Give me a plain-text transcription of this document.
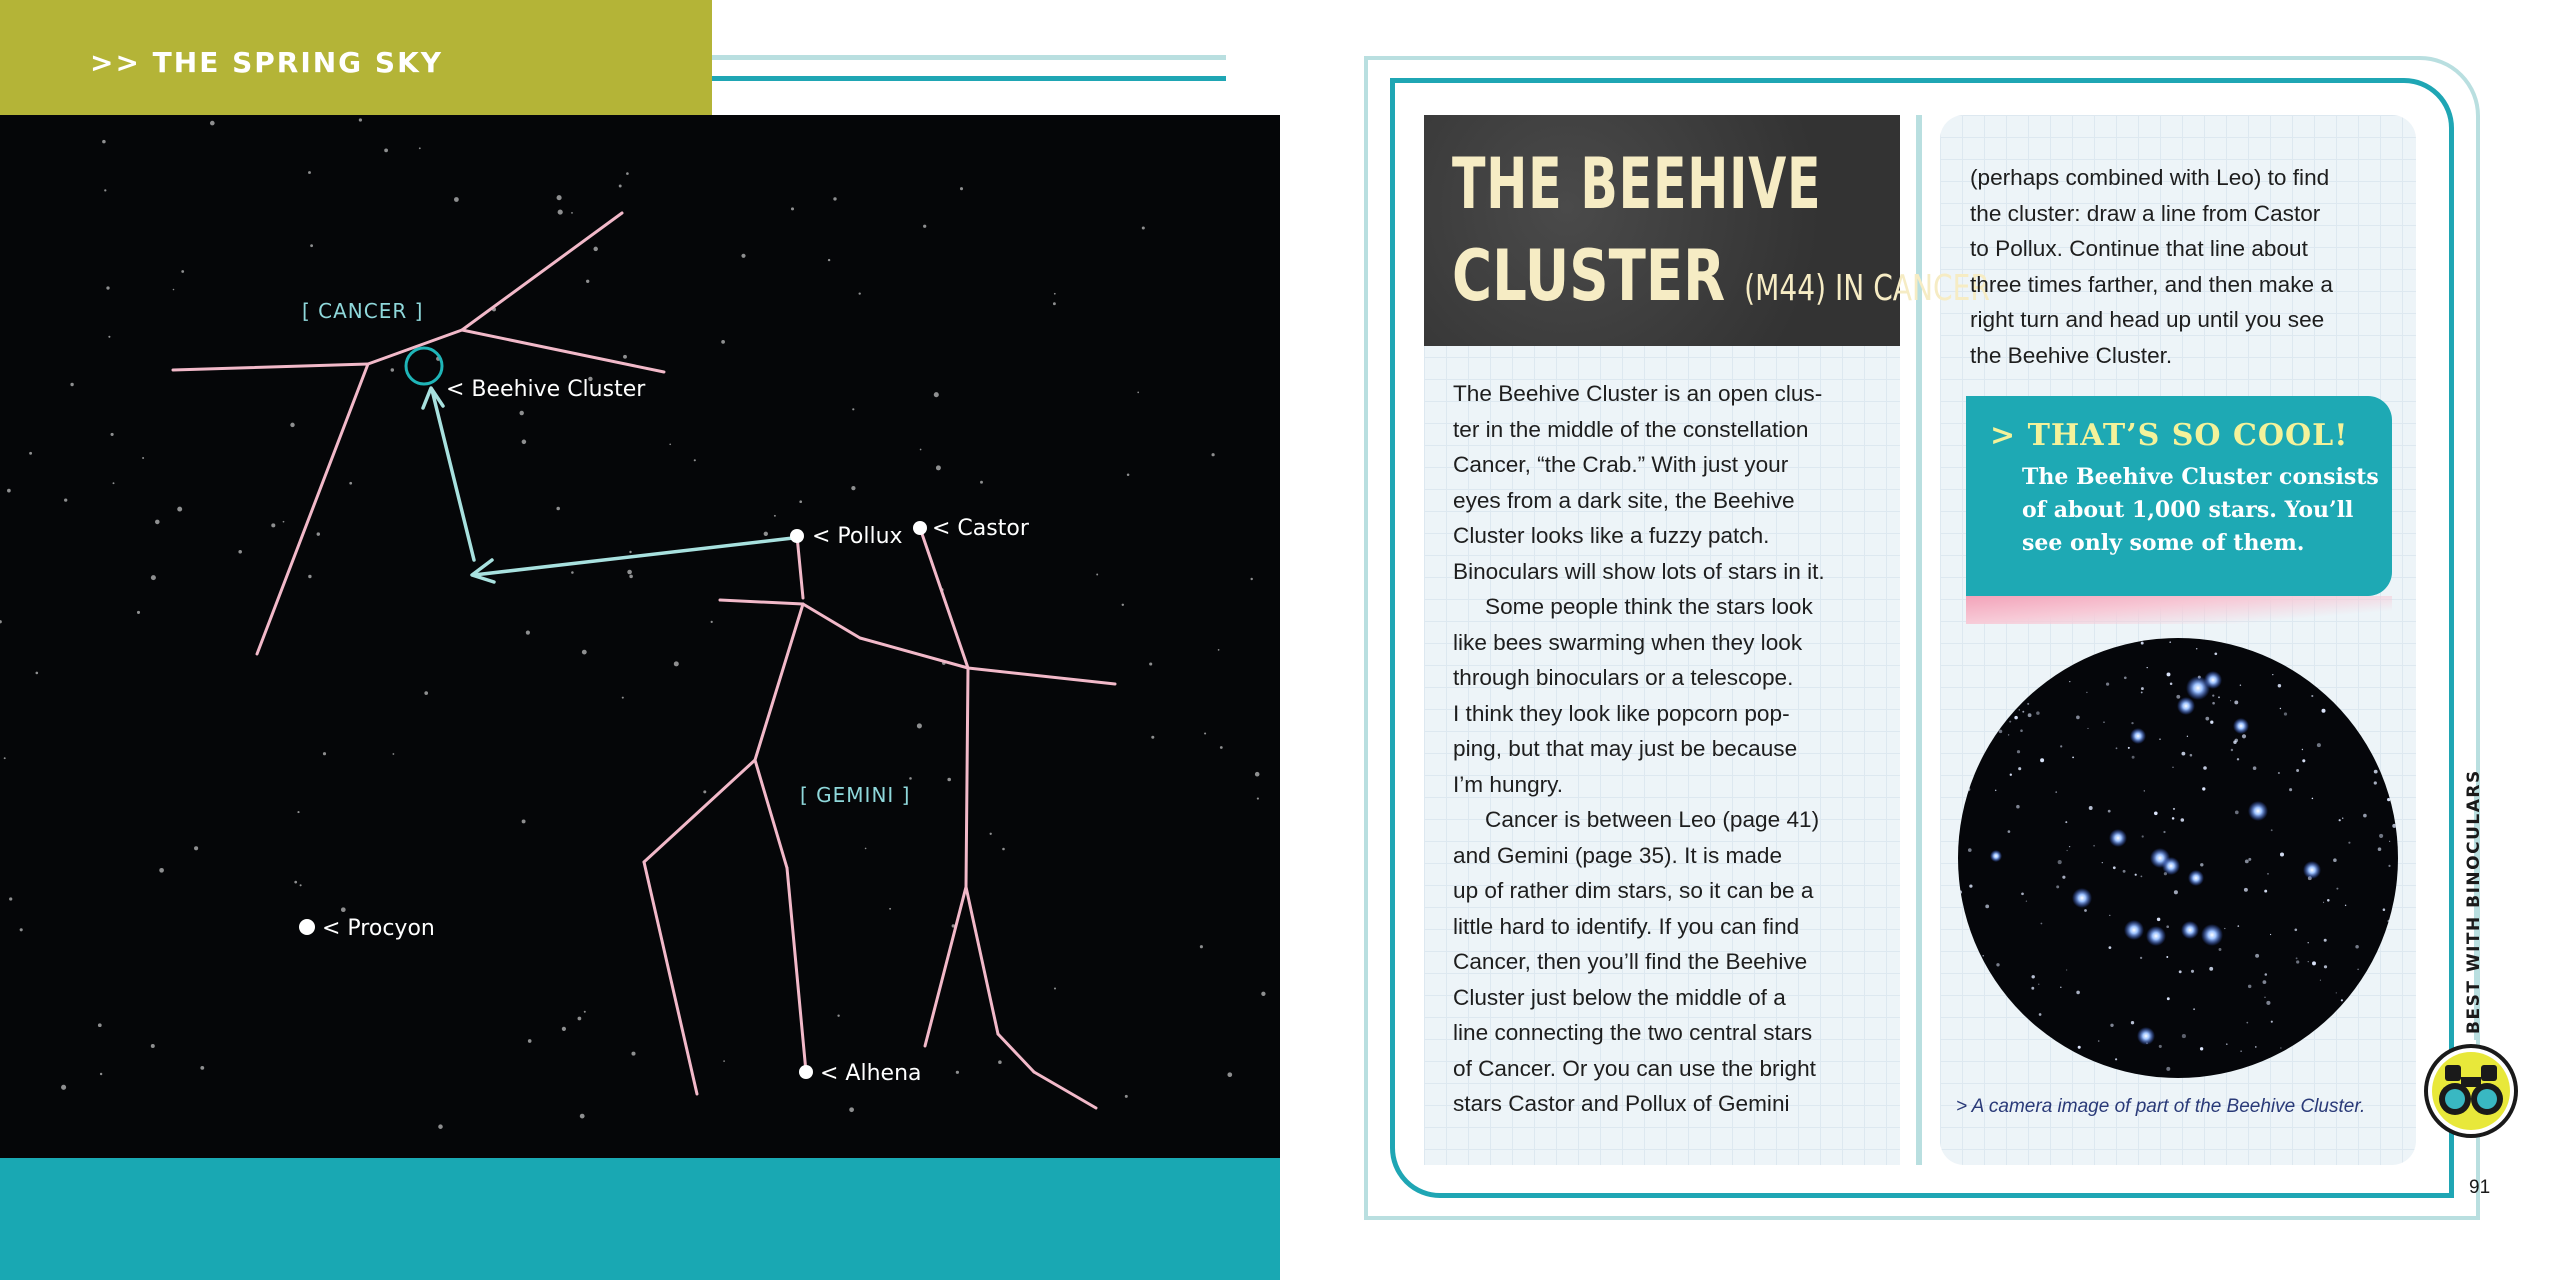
>> THE SPRING SKY
[ CANCER ]
[ GEMINI ]
< Beehive Cluster
< Pollux < Castor
< Procyon
< Alhena
THE BEEHIVE
CLUSTER (M44) IN CANCER

The Beehive Cluster is an open clus-
ter in the middle of the constellation
Cancer, “the Crab.” With just your
eyes from a dark site, the Beehive
Cluster looks like a fuzzy patch.
Binoculars will show lots of stars in it.

Some people think the stars look
like bees swarming when they look
through binoculars or a telescope.
I think they look like popcorn pop-
ping, but that may just be because
I’m hungry.

Cancer is between Leo (page 41)
and Gemini (page 35). It is made
up of rather dim stars, so it can be a
little hard to identify. If you can find
Cancer, then you’ll find the Beehive
Cluster just below the middle of a
line connecting the two central stars
of Cancer. Or you can use the bright
stars Castor and Pollux of Gemini

(perhaps combined with Leo) to find
the cluster: draw a line from Castor
to Pollux. Continue that line about
three times farther, and then make a
right turn and head up until you see
the Beehive Cluster.

> THAT’S SO COOL!
The Beehive Cluster consists
of about 1,000 stars. You’ll
see only some of them.
> A camera image of part of the Beehive Cluster.
BEST WITH BINOCULARS
91
